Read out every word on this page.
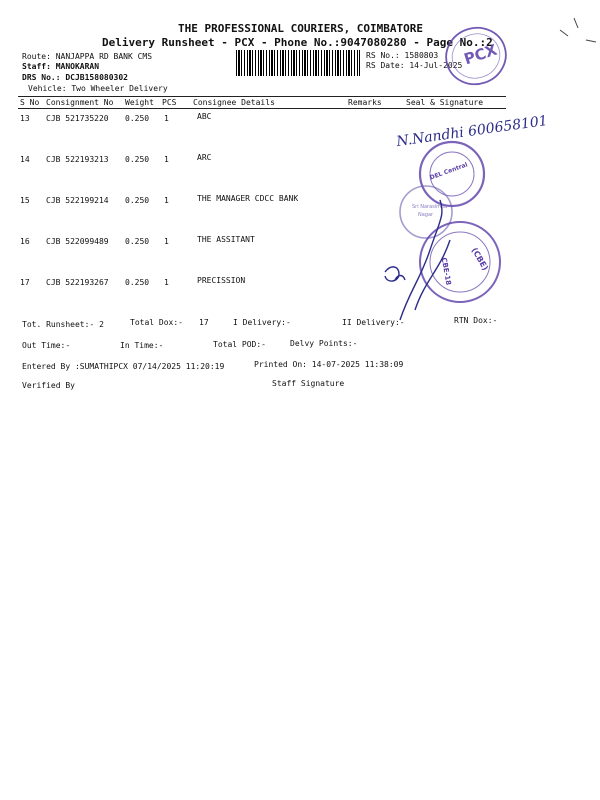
THE PROFESSIONAL COURIERS, COIMBATORE
Delivery Runsheet - PCX - Phone No.:9047080280 - Page No.:2
Route: NANJAPPA RD BANK CMS
Staff: MANOKARAN
DRS No.: DCJB158080302
Vehicle: Two Wheeler Delivery
RS No.: 1580803
RS Date: 14-Jul-2025
S No Consignment No Weight PCS Consignee Details	Remarks	Seal & Signature
13 CJB 521735220 0.250 1	ABC
14 CJB 522193213 0.250 1	ARC
15 CJB 522199214 0.250 1	THE MANAGER CDCC BANK
16 CJB 522099489 0.250 1	THE ASSITANT
17 CJB 522193267 0.250 1	PRECISSION
Tot. Runsheet:- 2	Total Dox:- 17	I Delivery:-	II Delivery:-	RTN Dox:-
Out Time:-	In Time:-	Total POD:-	Delvy Points:-
Entered By :SUMATHIPCX 07/14/2025 11:20:19	Printed On: 14-07-2025 11:38:09
Verified By	Staff Signature
PCX
N.Nandhi 600658101
DEL Central
Sri Narasimha
Nagar
(CBE)
CBE-18
